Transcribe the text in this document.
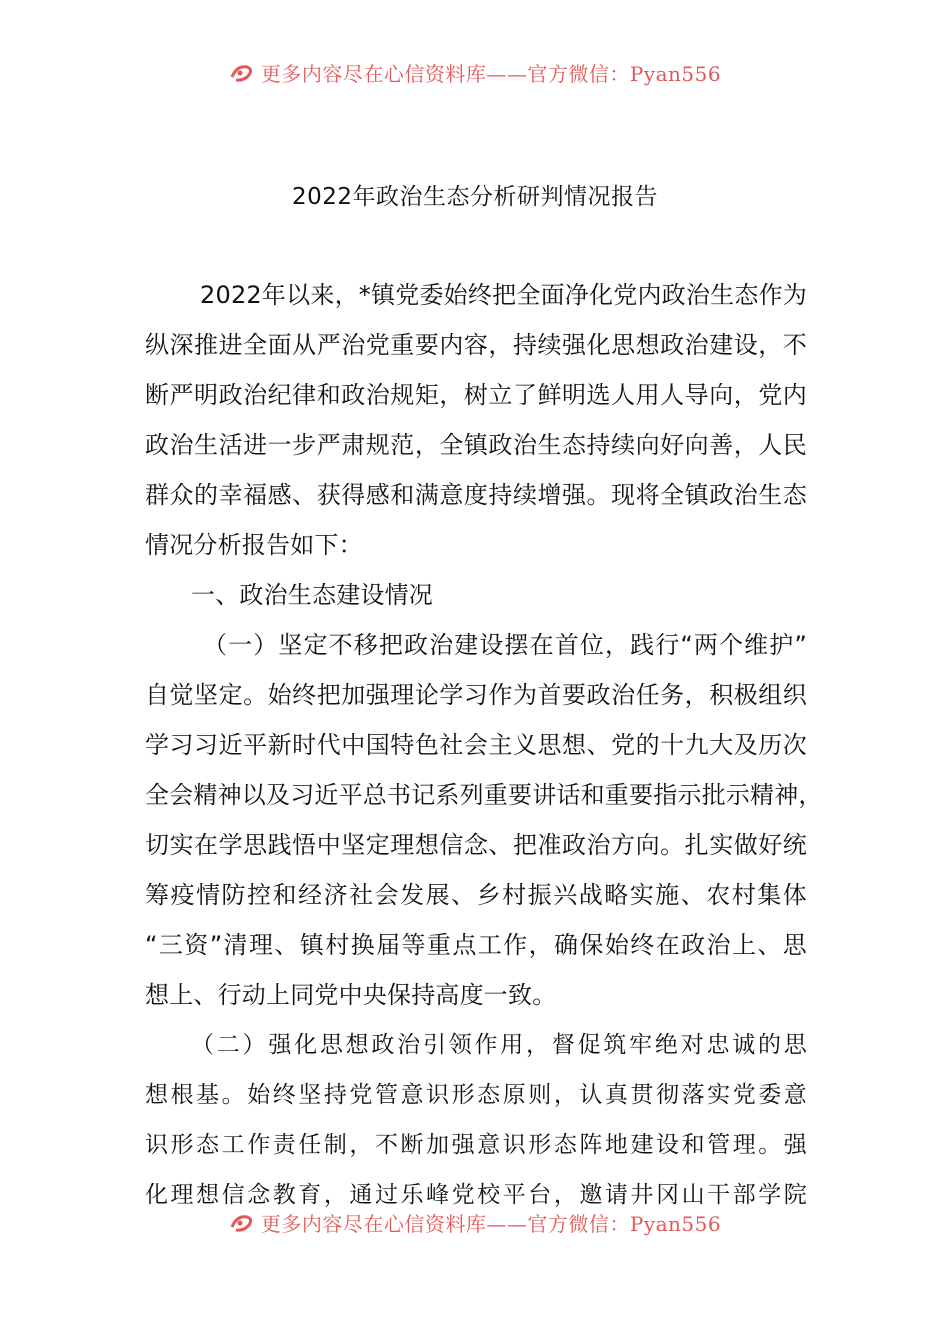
更多内容尽在心信资料库——官方微信：Pyan556
2022年政治生态分析研判情况报告
2022年以来，*镇党委始终把全面净化党内政治生态作为
纵深推进全面从严治党重要内容，持续强化思想政治建设，不
断严明政治纪律和政治规矩，树立了鲜明选人用人导向，党内
政治生活进一步严肃规范，全镇政治生态持续向好向善，人民
群众的幸福感、获得感和满意度持续增强。现将全镇政治生态
情况分析报告如下：
一、政治生态建设情况
（一）坚定不移把政治建设摆在首位，践行“两个维护”
自觉坚定。始终把加强理论学习作为首要政治任务，积极组织
学习习近平新时代中国特色社会主义思想、党的十九大及历次
全会精神以及习近平总书记系列重要讲话和重要指示批示精神，
切实在学思践悟中坚定理想信念、把准政治方向。扎实做好统
筹疫情防控和经济社会发展、乡村振兴战略实施、农村集体
“三资”清理、镇村换届等重点工作，确保始终在政治上、思
想上、行动上同党中央保持高度一致。
（二）强化思想政治引领作用，督促筑牢绝对忠诚的思
想根基。始终坚持党管意识形态原则，认真贯彻落实党委意
识形态工作责任制，不断加强意识形态阵地建设和管理。强
化理想信念教育，通过乐峰党校平台，邀请井冈山干部学院
更多内容尽在心信资料库——官方微信：Pyan556
